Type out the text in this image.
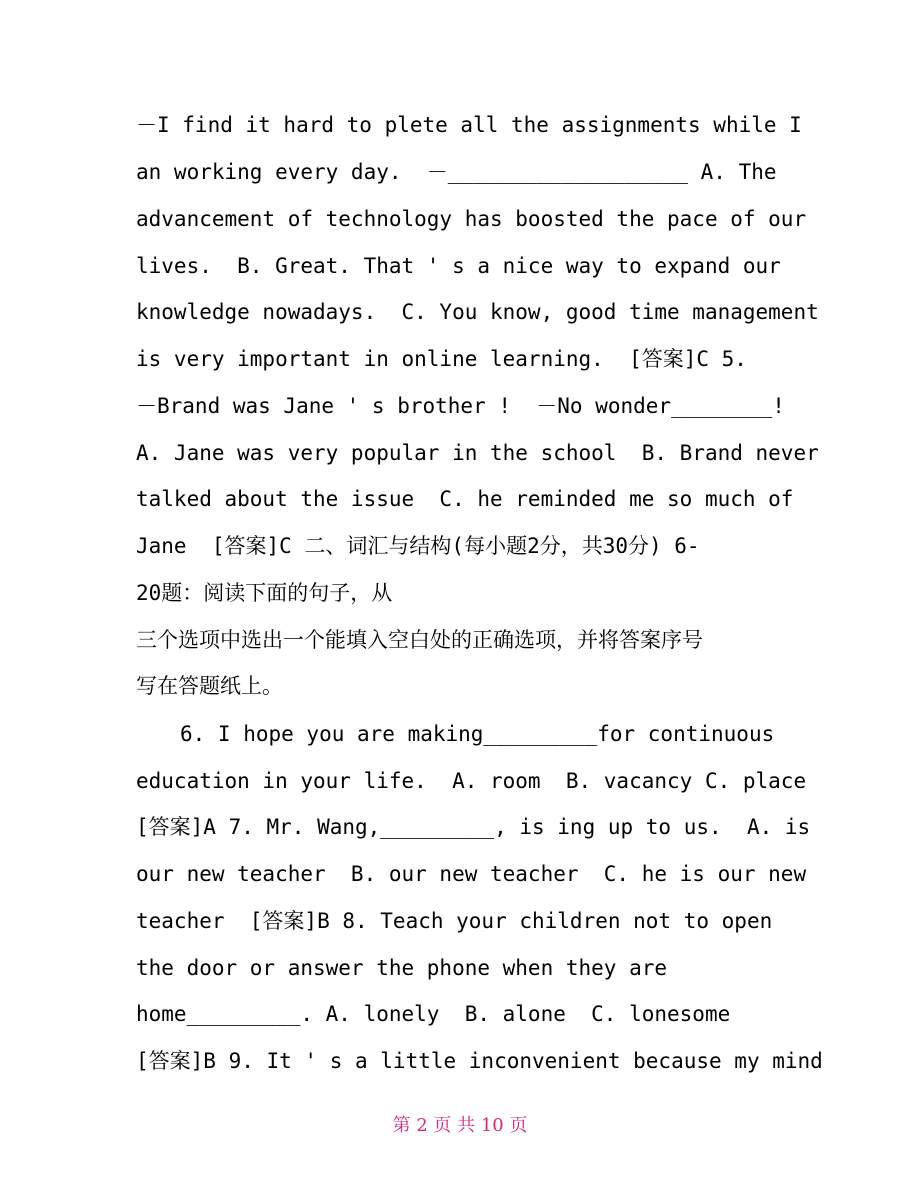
－I find it hard to plete all the assignments while I
an working every day.  －___________________ A. The
advancement of technology has boosted the pace of our
lives.  B. Great. That ' s a nice way to expand our
knowledge nowadays.  C. You know, good time management
is very important in online learning.  [答案]C 5.
－Brand was Jane ' s brother !  －No wonder________!
A. Jane was very popular in the school  B. Brand never
talked about the issue  C. he reminded me so much of
Jane  [答案]C 二、词汇与结构(每小题2分，共30分) 6-
20题：阅读下面的句子，从
三个选项中选出一个能填入空白处的正确选项，并将答案序号
写在答题纸上。
6. I hope you are making_________for continuous
education in your life.  A. room  B. vacancy C. place
[答案]A 7. Mr. Wang,_________, is ing up to us.  A. is
our new teacher  B. our new teacher  C. he is our new
teacher  [答案]B 8. Teach your children not to open
the door or answer the phone when they are
home_________. A. lonely  B. alone  C. lonesome
[答案]B 9. It ' s a little inconvenient because my mind
第 2 页 共 10 页
